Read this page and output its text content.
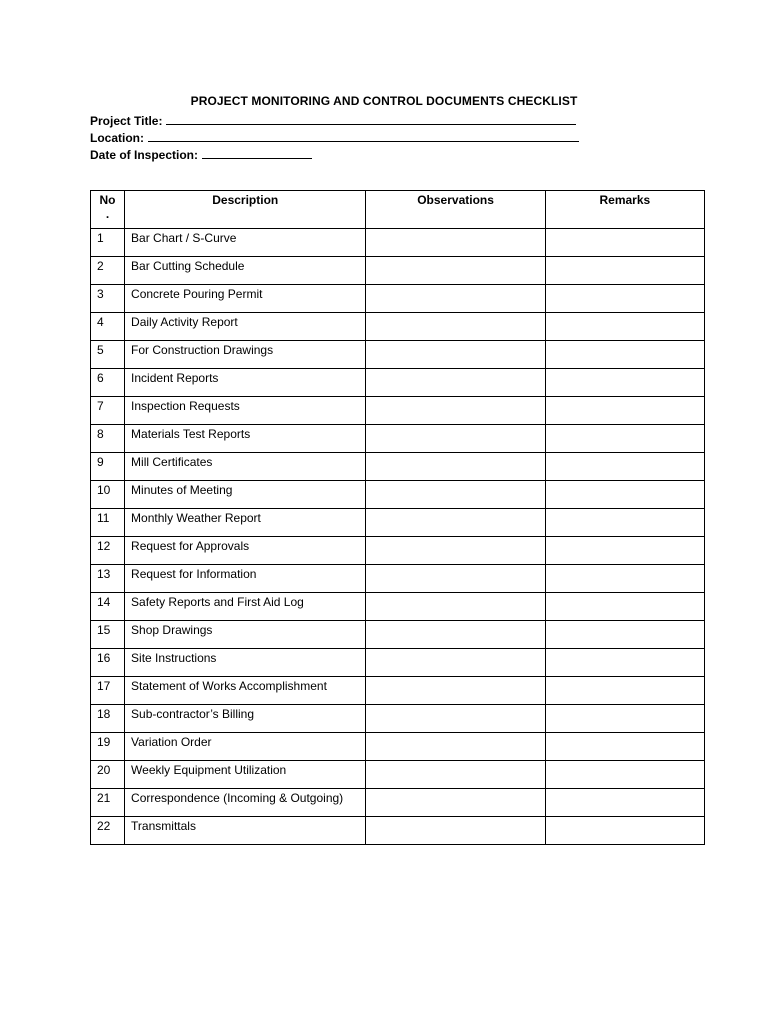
PROJECT MONITORING AND CONTROL DOCUMENTS CHECKLIST
Project Title:
Location:
Date of Inspection:
No
.	Description	Observations	Remarks
1	Bar Chart / S-Curve		
2	Bar Cutting Schedule		
3	Concrete Pouring Permit		
4	Daily Activity Report		
5	For Construction Drawings		
6	Incident Reports		
7	Inspection Requests		
8	Materials Test Reports		
9	Mill Certificates		
10	Minutes of Meeting		
11	Monthly Weather Report		
12	Request for Approvals		
13	Request for Information		
14	Safety Reports and First Aid Log		
15	Shop Drawings		
16	Site Instructions		
17	Statement of Works Accomplishment		
18	Sub-contractor’s Billing		
19	Variation Order		
20	Weekly Equipment Utilization		
21	Correspondence (Incoming & Outgoing)		
22	Transmittals		
